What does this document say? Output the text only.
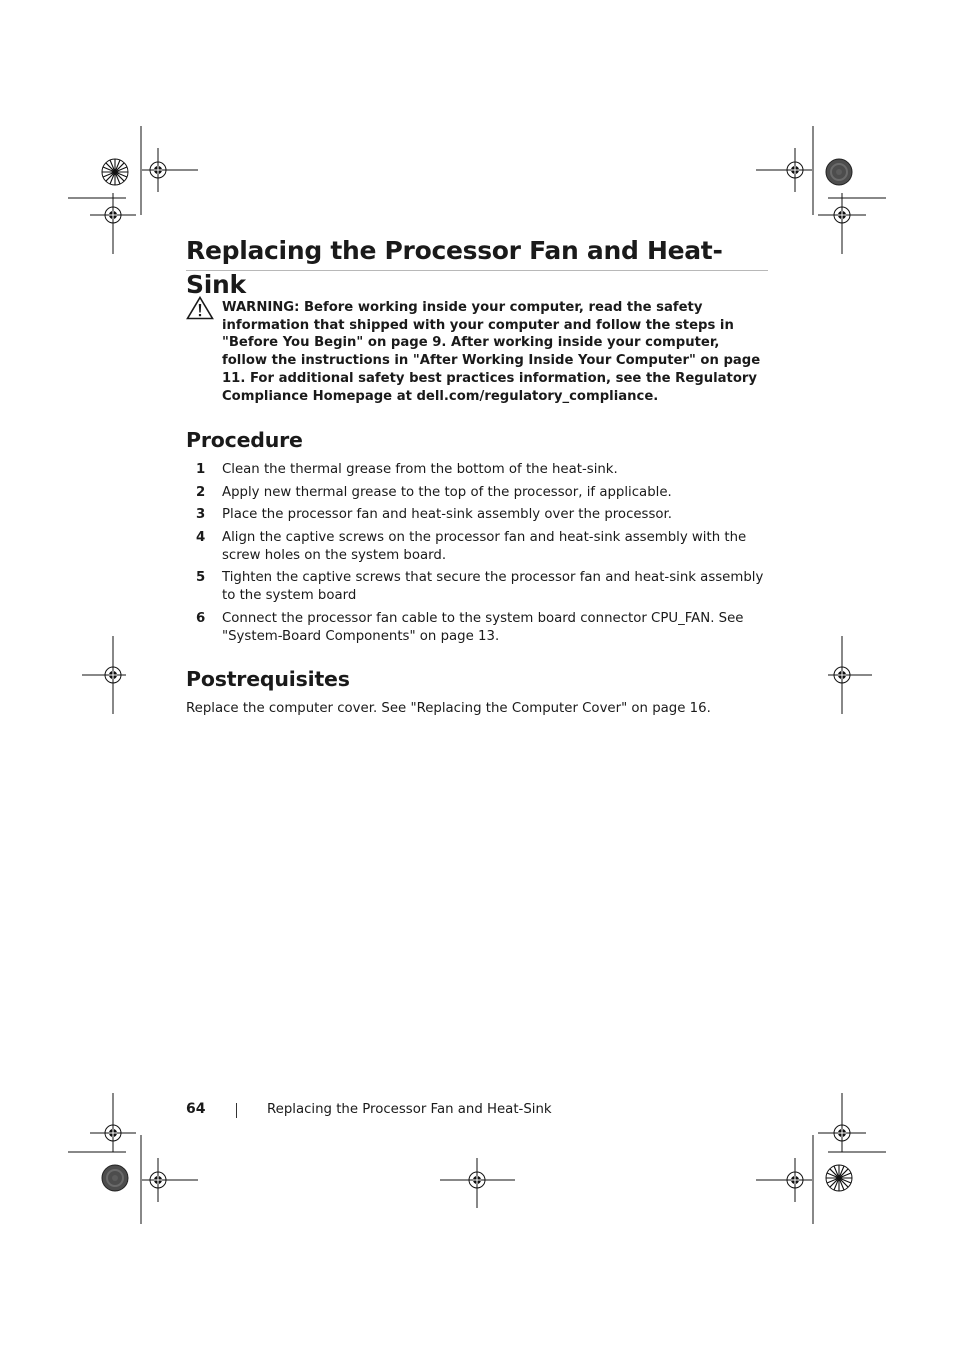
Replacing the Processor Fan and Heat-Sink
WARNING: Before working inside your computer, read the safety information that shipped with your computer and follow the steps in "Before You Begin" on page 9. After working inside your computer, follow the instructions in "After Working Inside Your Computer" on page 11. For additional safety best practices information, see the Regulatory Compliance Homepage at dell.com/regulatory_compliance.
Procedure
1 Clean the thermal grease from the bottom of the heat-sink.
2 Apply new thermal grease to the top of the processor, if applicable.
3 Place the processor fan and heat-sink assembly over the processor.
4 Align the captive screws on the processor fan and heat-sink assembly with the screw holes on the system board.
5 Tighten the captive screws that secure the processor fan and heat-sink assembly to the system board
6 Connect the processor fan cable to the system board connector CPU_FAN. See "System-Board Components" on page 13.
Postrequisites
Replace the computer cover. See "Replacing the Computer Cover" on page 16.
64	Replacing the Processor Fan and Heat-Sink
